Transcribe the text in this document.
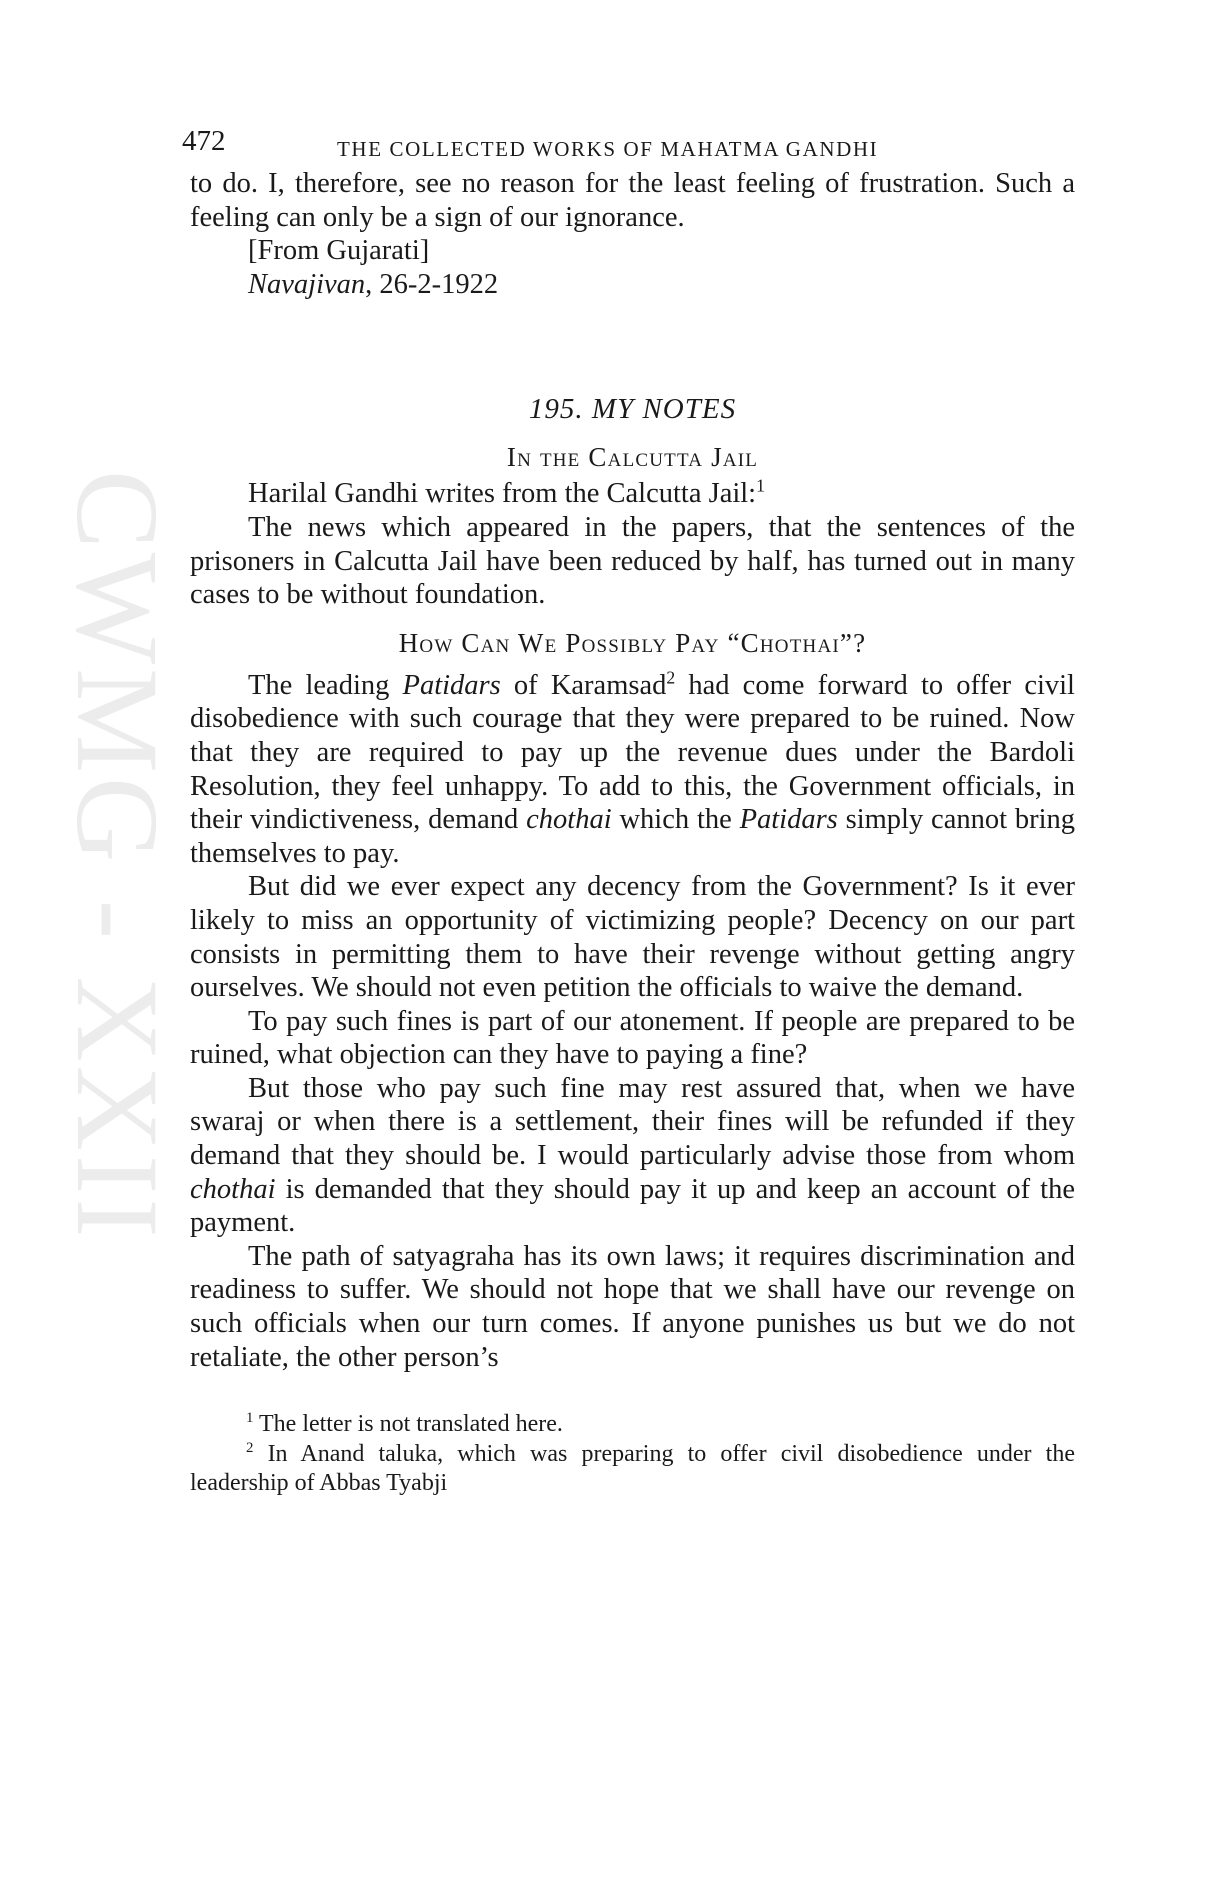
CWMG - XXII
472	THE COLLECTED WORKS OF MAHATMA GANDHI

to do. I, therefore, see no reason for the least feeling of frustration. Such a feeling can only be a sign of our ignorance.

[From Gujarati]

Navajivan, 26-2-1922

195. MY NOTES
In the Calcutta Jail

Harilal Gandhi writes from the Calcutta Jail:$^1$

The news which appeared in the papers, that the sentences of the prisoners in Calcutta Jail have been reduced by half, has turned out in many cases to be without foundation.

How Can We Possibly Pay “Chothai”?

The leading Patidars of Karamsad$^2$ had come forward to offer civil disobedience with such courage that they were prepared to be ruined. Now that they are required to pay up the revenue dues under the Bardoli Resolution, they feel unhappy. To add to this, the Government officials, in their vindictiveness, demand chothai which the Patidars simply cannot bring themselves to pay.

But did we ever expect any decency from the Government? Is it ever likely to miss an opportunity of victimizing people? Decency on our part consists in permitting them to have their revenge without getting angry ourselves. We should not even petition the officials to waive the demand.

To pay such fines is part of our atonement. If people are prepared to be ruined, what objection can they have to paying a fine?

But those who pay such fine may rest assured that, when we have swaraj or when there is a settlement, their fines will be refunded if they demand that they should be. I would particularly advise those from whom chothai is demanded that they should pay it up and keep an account of the payment.

The path of satyagraha has its own laws; it requires discrimination and readiness to suffer. We should not hope that we shall have our revenge on such officials when our turn comes. If anyone punishes us but we do not retaliate, the other person’s

$^1$ The letter is not translated here.

$^2$ In Anand taluka, which was preparing to offer civil disobedience under the leadership of Abbas Tyabji
